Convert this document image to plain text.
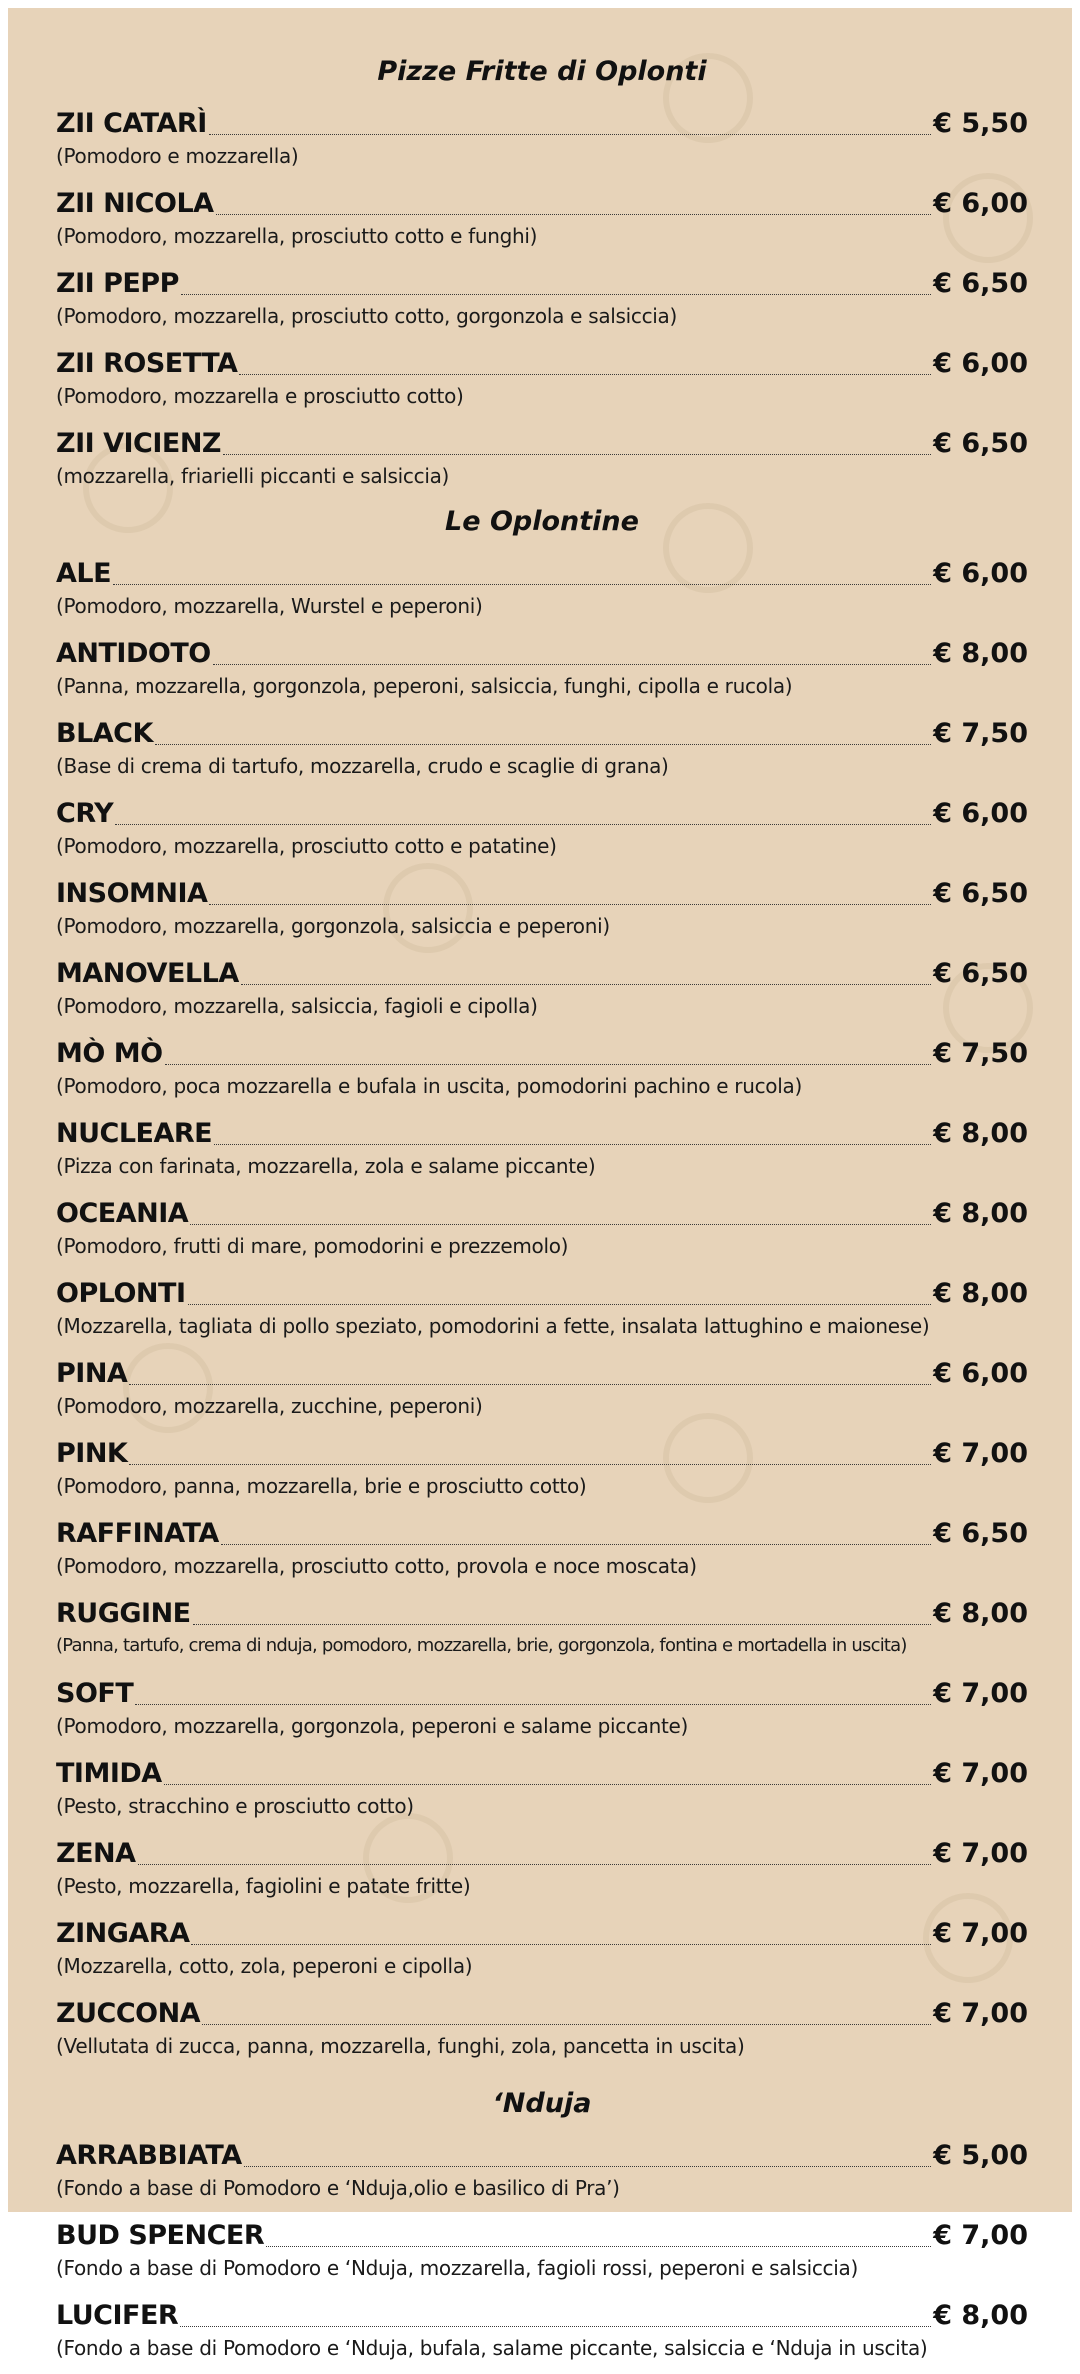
Pizze Fritte di Oplonti
ZII CATARÌ	€ 5,50
(Pomodoro e mozzarella)
ZII NICOLA	€ 6,00
(Pomodoro, mozzarella, prosciutto cotto e funghi)
ZII PEPP	€ 6,50
(Pomodoro, mozzarella, prosciutto cotto, gorgonzola e salsiccia)
ZII ROSETTA	€ 6,00
(Pomodoro, mozzarella e prosciutto cotto)
ZII VICIENZ	€ 6,50
(mozzarella, friarielli piccanti e salsiccia)
Le Oplontine
ALE	€ 6,00
(Pomodoro, mozzarella, Wurstel e peperoni)
ANTIDOTO	€ 8,00
(Panna, mozzarella, gorgonzola, peperoni, salsiccia, funghi, cipolla e rucola)
BLACK	€ 7,50
(Base di crema di tartufo, mozzarella, crudo e scaglie di grana)
CRY	€ 6,00
(Pomodoro, mozzarella, prosciutto cotto e patatine)
INSOMNIA	€ 6,50
(Pomodoro, mozzarella, gorgonzola, salsiccia e peperoni)
MANOVELLA	€ 6,50
(Pomodoro, mozzarella, salsiccia, fagioli e cipolla)
MÒ MÒ	€ 7,50
(Pomodoro, poca mozzarella e bufala in uscita, pomodorini pachino e rucola)
NUCLEARE	€ 8,00
(Pizza con farinata, mozzarella, zola e salame piccante)
OCEANIA	€ 8,00
(Pomodoro, frutti di mare, pomodorini e prezzemolo)
OPLONTI	€ 8,00
(Mozzarella, tagliata di pollo speziato, pomodorini a fette, insalata lattughino e maionese)
PINA	€ 6,00
(Pomodoro, mozzarella, zucchine, peperoni)
PINK	€ 7,00
(Pomodoro, panna, mozzarella, brie e prosciutto cotto)
RAFFINATA	€ 6,50
(Pomodoro, mozzarella, prosciutto cotto, provola e noce moscata)
RUGGINE	€ 8,00
(Panna, tartufo, crema di nduja, pomodoro, mozzarella, brie, gorgonzola, fontina e mortadella in uscita)
SOFT	€ 7,00
(Pomodoro, mozzarella, gorgonzola, peperoni e salame piccante)
TIMIDA	€ 7,00
(Pesto, stracchino e prosciutto cotto)
ZENA	€ 7,00
(Pesto, mozzarella, fagiolini e patate fritte)
ZINGARA	€ 7,00
(Mozzarella, cotto, zola, peperoni e cipolla)
ZUCCONA	€ 7,00
(Vellutata di zucca, panna, mozzarella, funghi, zola, pancetta in uscita)
‘Nduja
ARRABBIATA	€ 5,00
(Fondo a base di Pomodoro e ‘Nduja,olio e basilico di Pra’)
BUD SPENCER	€ 7,00
(Fondo a base di Pomodoro e ‘Nduja, mozzarella, fagioli rossi, peperoni e salsiccia)
LUCIFER	€ 8,00
(Fondo a base di Pomodoro e ‘Nduja, bufala, salame piccante, salsiccia e ‘Nduja in uscita)
